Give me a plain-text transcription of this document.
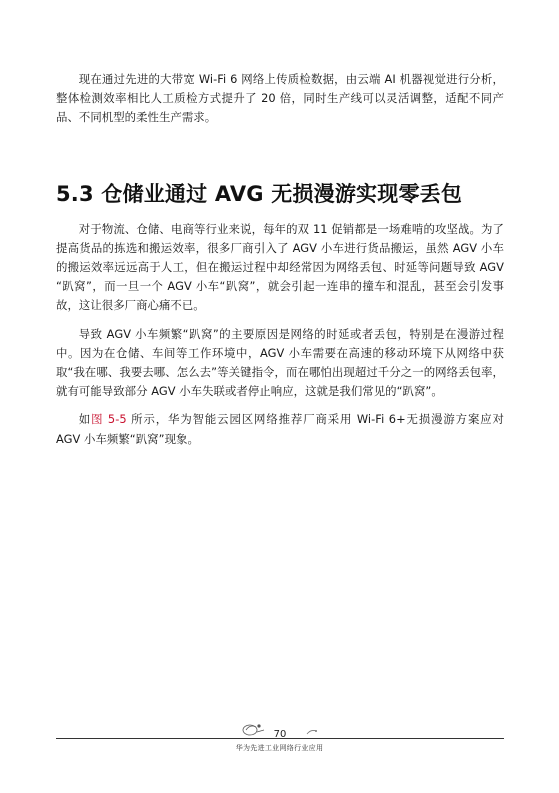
现在通过先进的大带宽 Wi-Fi 6 网络上传质检数据，由云端 AI 机器视觉进行分析，整体检测效率相比人工质检方式提升了 20 倍，同时生产线可以灵活调整，适配不同产品、不同机型的柔性生产需求。

5.3 仓储业通过 AVG 无损漫游实现零丢包

对于物流、仓储、电商等行业来说，每年的双 11 促销都是一场难啃的攻坚战。为了提高货品的拣选和搬运效率，很多厂商引入了 AGV 小车进行货品搬运，虽然 AGV 小车的搬运效率远远高于人工，但在搬运过程中却经常因为网络丢包、时延等问题导致 AGV “趴窝”，而一旦一个 AGV 小车“趴窝”，就会引起一连串的撞车和混乱，甚至会引发事故，这让很多厂商心痛不已。

导致 AGV 小车频繁“趴窝”的主要原因是网络的时延或者丢包，特别是在漫游过程中。因为在仓储、车间等工作环境中，AGV 小车需要在高速的移动环境下从网络中获取“我在哪、我要去哪、怎么去”等关键指令，而在哪怕出现超过千分之一的网络丢包率，就有可能导致部分 AGV 小车失联或者停止响应，这就是我们常见的“趴窝”。

如图 5-5 所示，华为智能云园区网络推荐厂商采用 Wi-Fi 6+无损漫游方案应对 AGV 小车频繁“趴窝”现象。

70
华为先进工业网络行业应用
